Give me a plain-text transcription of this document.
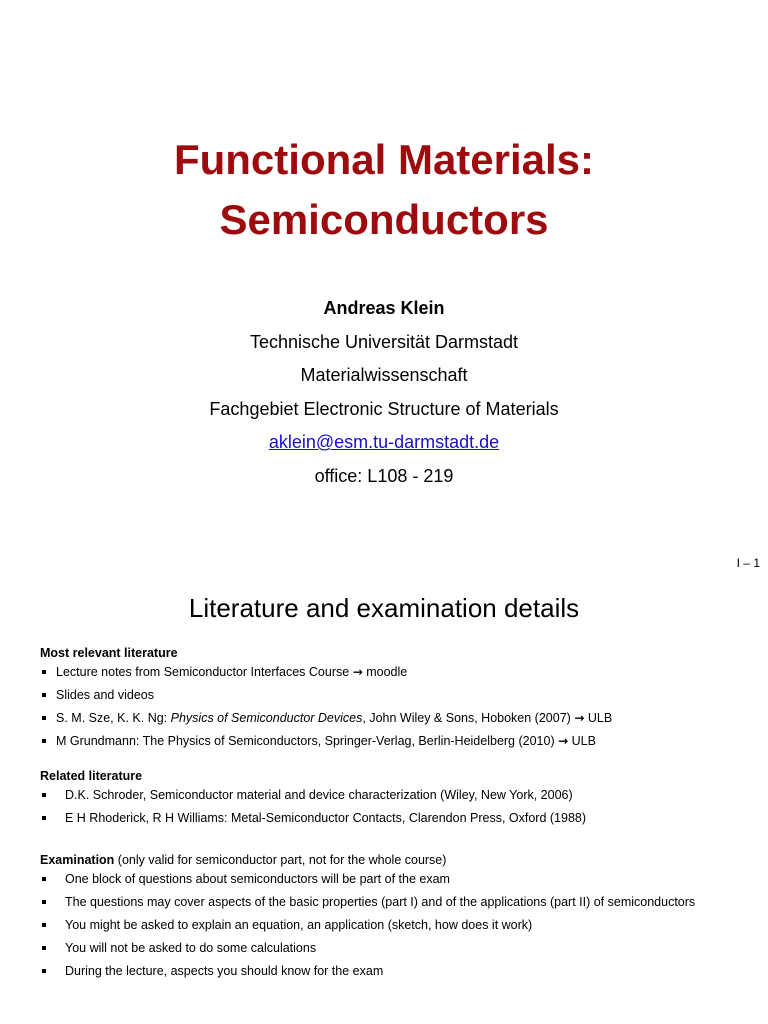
Functional Materials:
Semiconductors
Andreas Klein
Technische Universität Darmstadt
Materialwissenschaft
Fachgebiet Electronic Structure of Materials
aklein@esm.tu-darmstadt.de
office: L108 - 219
I – 1
Literature and examination details
Most relevant literature
Lecture notes from Semiconductor Interfaces Course → moodle
Slides and videos
S. M. Sze, K. K. Ng: Physics of Semiconductor Devices, John Wiley & Sons, Hoboken (2007) → ULB
M Grundmann: The Physics of Semiconductors, Springer-Verlag, Berlin-Heidelberg (2010) → ULB
Related literature
D.K. Schroder, Semiconductor material and device characterization (Wiley, New York, 2006)
E H Rhoderick, R H Williams: Metal-Semiconductor Contacts, Clarendon Press, Oxford (1988)
Examination (only valid for semiconductor part, not for the whole course)
One block of questions about semiconductors will be part of the exam
The questions may cover aspects of the basic properties (part I) and of the applications (part II) of semiconductors
You might be asked to explain an equation, an application (sketch, how does it work)
You will not be asked to do some calculations
During the lecture, aspects you should know for the exam
